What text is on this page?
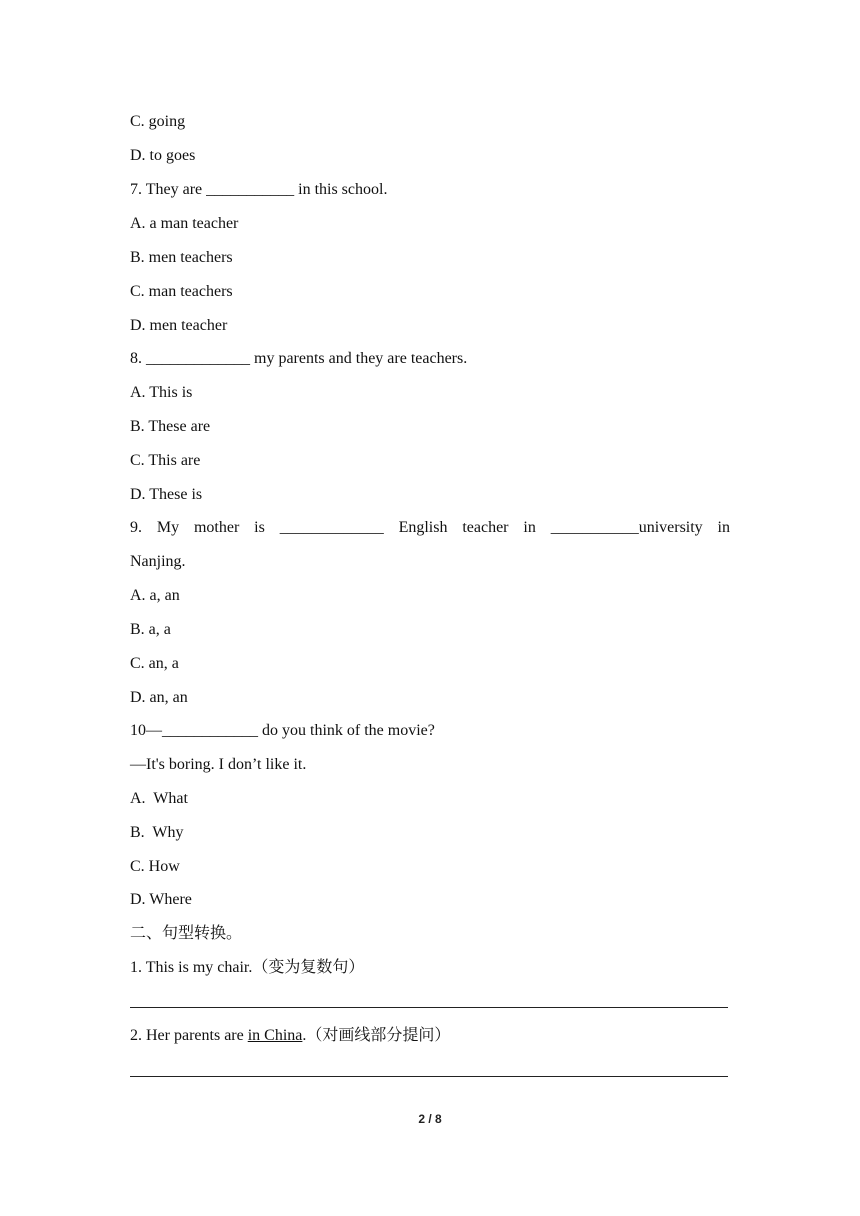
C. going
D. to goes
7. They are ___________ in this school.
A. a man teacher
B. men teachers
C. man teachers
D. men teacher
8. _____________ my parents and they are teachers.
A. This is
B. These are
C. This are
D. These is
9. My mother is _____________ English teacher in ___________university in
Nanjing.
A. a, an
B. a, a
C. an, a
D. an, an
10—____________ do you think of the movie?
—It's boring. I don’t like it.
A.  What
B.  Why
C. How
D. Where
二、句型转换。
1. This is my chair.（变为复数句）
2. Her parents are in China.（对画线部分提问）
2 / 8
